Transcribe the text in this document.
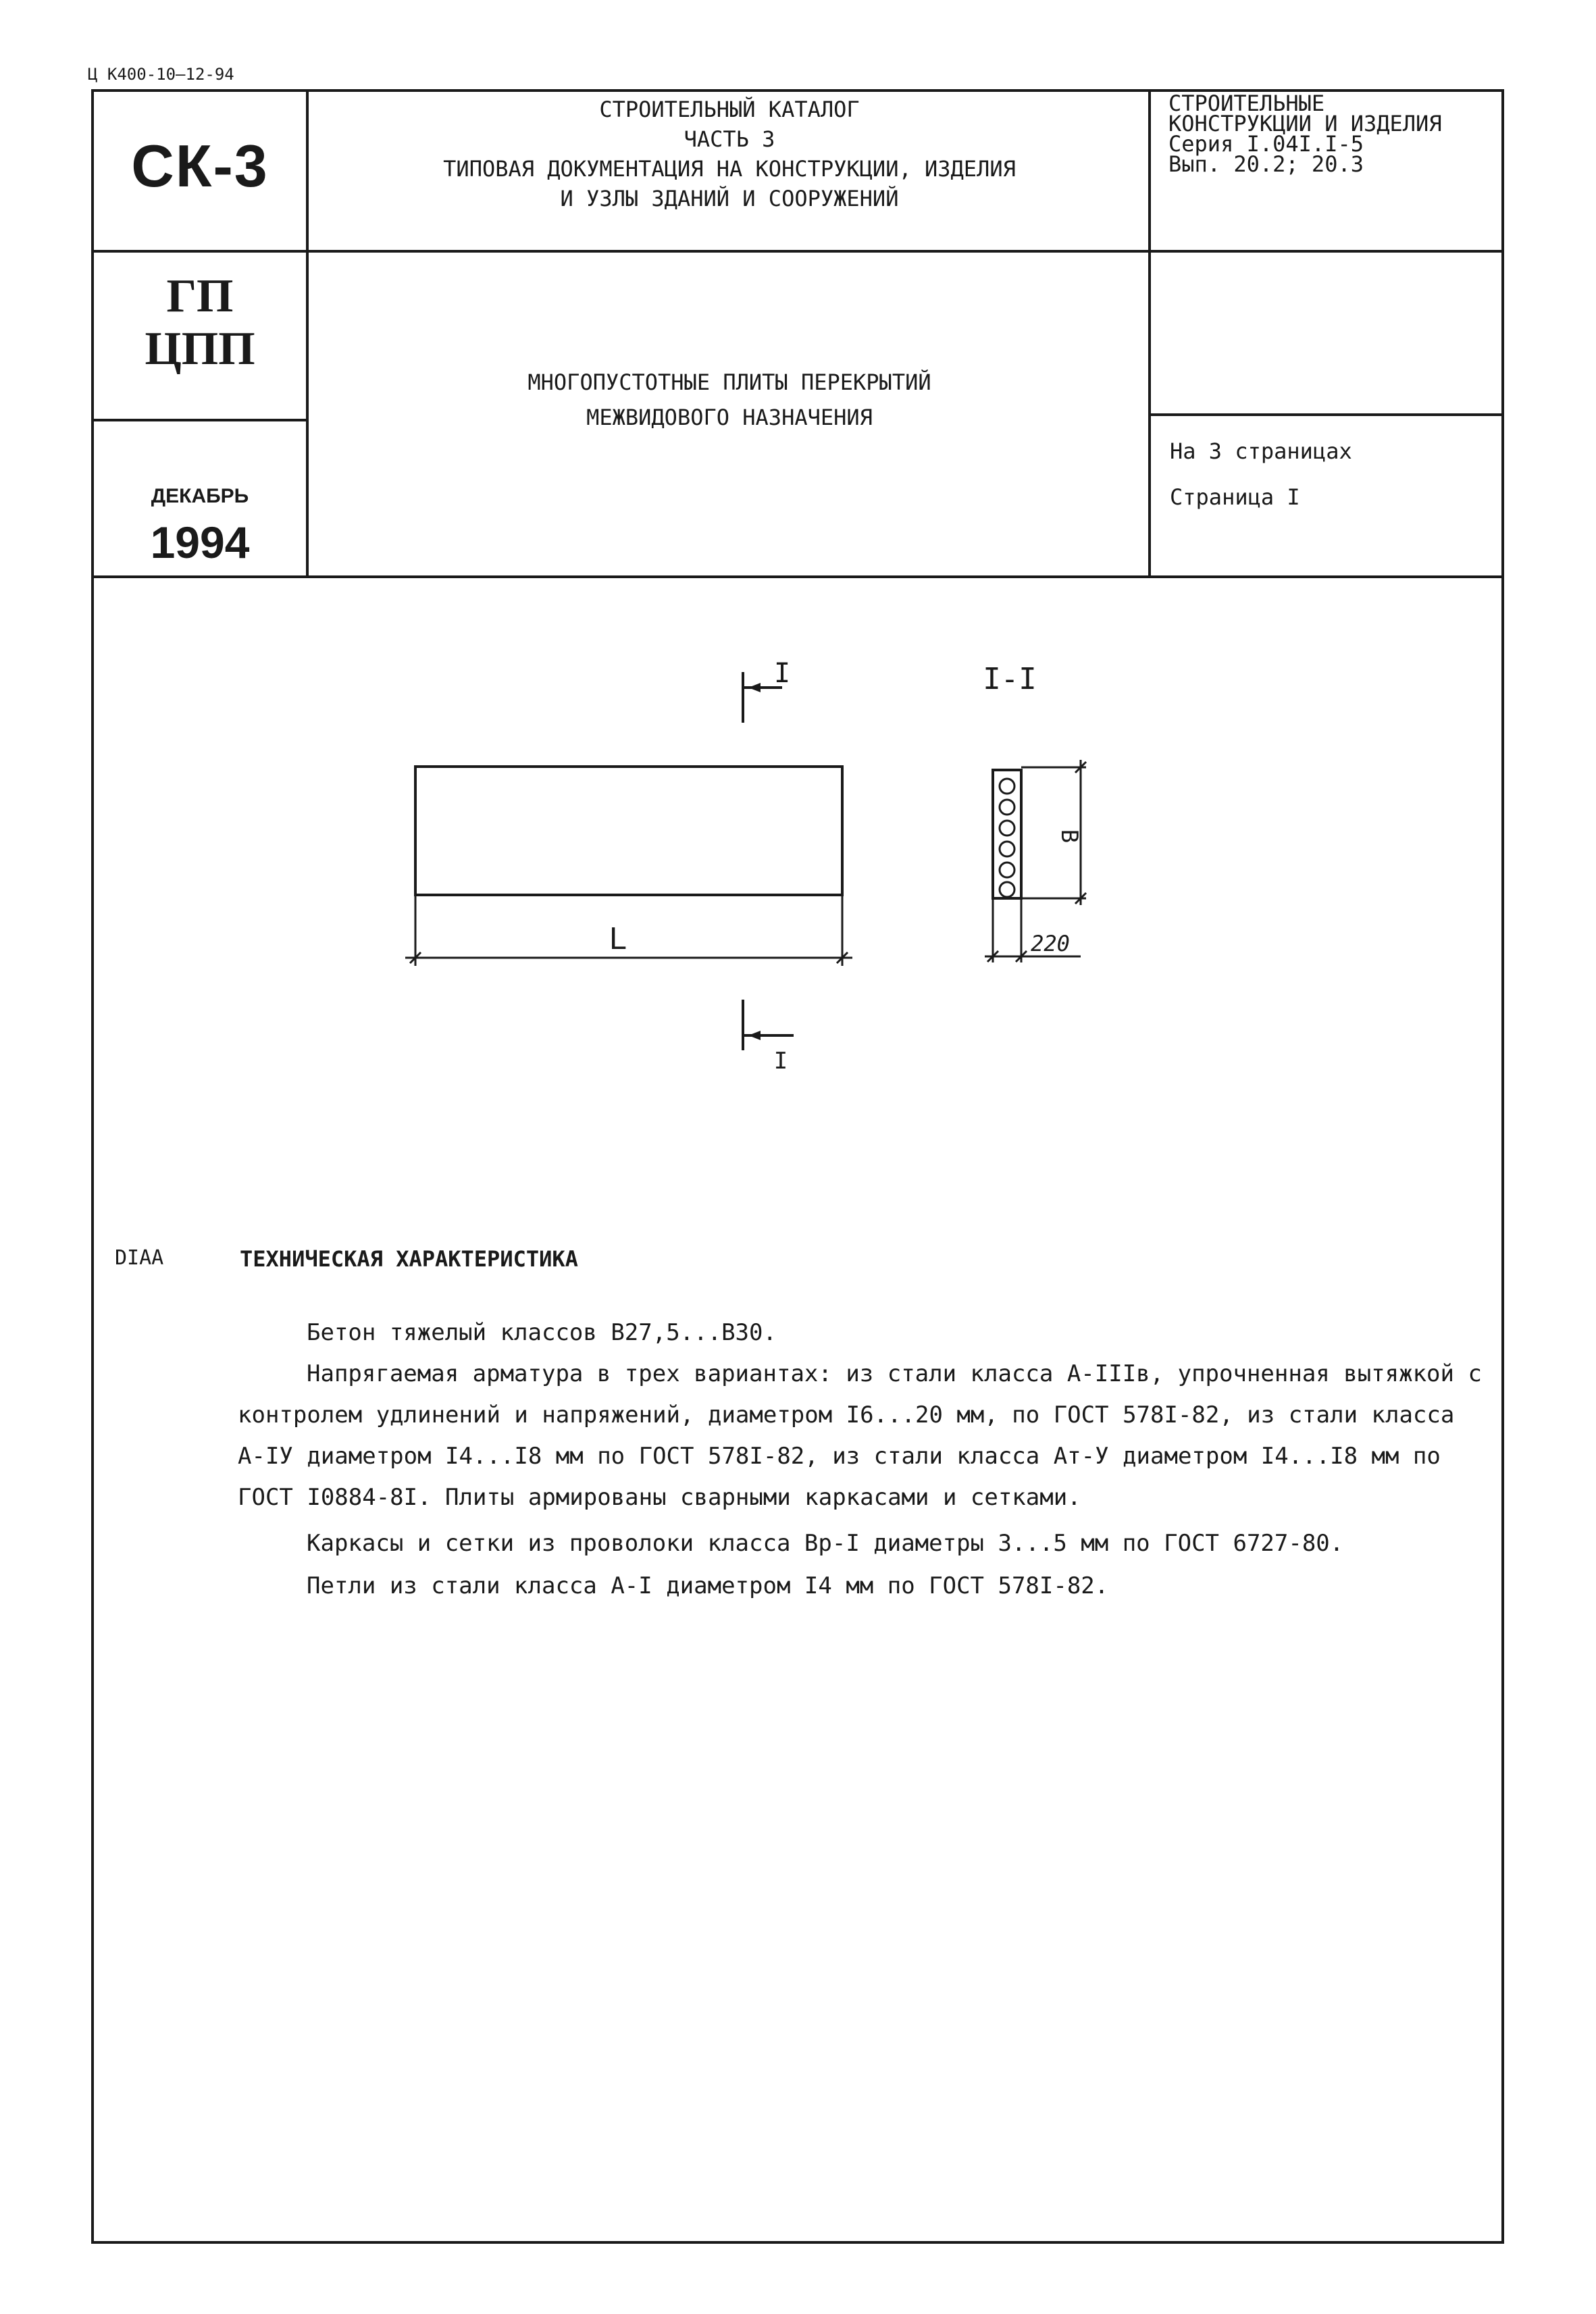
Ц К400-10—12-94
СК-3
СТРОИТЕЛЬНЫЙ КАТАЛОГ
ЧАСТЬ 3
ТИПОВАЯ ДОКУМЕНТАЦИЯ НА КОНСТРУКЦИИ, ИЗДЕЛИЯ
И УЗЛЫ ЗДАНИЙ И СООРУЖЕНИЙ
СТРОИТЕЛЬНЫЕ
КОНСТРУКЦИИ И ИЗДЕЛИЯ
Серия I.04I.I-5
Вып. 20.2; 20.3
ГП
ЦПП
ДЕКАБРЬ
1994
МНОГОПУСТОТНЫЕ ПЛИТЫ ПЕРЕКРЫТИЙ
МЕЖВИДОВОГО НАЗНАЧЕНИЯ
На 3 страницах
Страница I
I	I-I
L
В
220
I
DIAA	ТЕХНИЧЕСКАЯ ХАРАКТЕРИСТИКА
Бетон тяжелый классов В27,5...В30.
Напрягаемая арматура в трех вариантах: из стали класса А-IIIв, упрочненная вытяжкой с контролем удлинений и напряжений, диаметром I6...20 мм, по ГОСТ 578I-82, из стали класса А-IУ диаметром I4...I8 мм по ГОСТ 578I-82, из стали класса Ат-У диаметром I4...I8 мм по ГОСТ I0884-8I. Плиты армированы сварными каркасами и сетками.
Каркасы и сетки из проволоки класса Вр-I диаметры 3...5 мм по ГОСТ 6727-80.
Петли из стали класса А-I диаметром I4 мм по ГОСТ 578I-82.
